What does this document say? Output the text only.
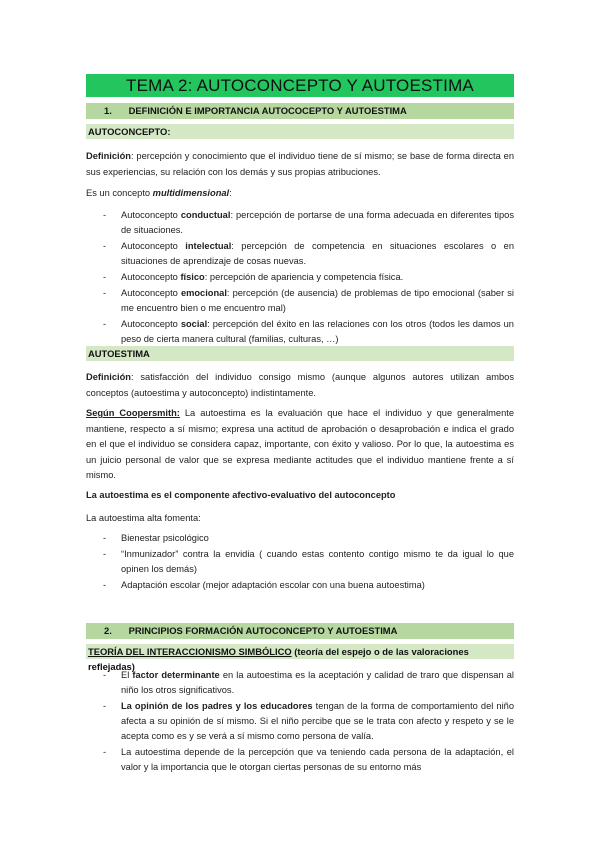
TEMA 2: AUTOCONCEPTO Y AUTOESTIMA
1. DEFINICIÓN E IMPORTANCIA AUTOCOCEPTO Y AUTOESTIMA
AUTOCONCEPTO:
Definición: percepción y conocimiento que el individuo tiene de sí mismo; se base de forma directa en sus experiencias, su relación con los demás y sus propias atribuciones.
Es un concepto multidimensional:
- Autoconcepto conductual: percepción de portarse de una forma adecuada en diferentes tipos de situaciones.
- Autoconcepto intelectual: percepción de competencia en situaciones escolares o en situaciones de aprendizaje de cosas nuevas.
- Autoconcepto físico: percepción de apariencia y competencia física.
- Autoconcepto emocional: percepción (de ausencia) de problemas de tipo emocional (saber si me encuentro bien o me encuentro mal)
- Autoconcepto social: percepción del éxito en las relaciones con los otros (todos les damos un peso de cierta manera cultural (familias, culturas, …)
AUTOESTIMA
Definición: satisfacción del individuo consigo mismo (aunque algunos autores utilizan ambos conceptos (autoestima y autoconcepto) indistintamente.
Según Coopersmith: La autoestima es la evaluación que hace el individuo y que generalmente mantiene, respecto a sí mismo; expresa una actitud de aprobación o desaprobación e indica el grado en el que el individuo se considera capaz, importante, con éxito y valioso. Por lo que, la autoestima es un juicio personal de valor que se expresa mediante actitudes que el individuo mantiene frente a sí mismo.
La autoestima es el componente afectivo-evaluativo del autoconcepto
La autoestima alta fomenta:
- Bienestar psicológico
- “Inmunizador” contra la envidia ( cuando estas contento contigo mismo te da igual lo que opinen los demás)
- Adaptación escolar (mejor adaptación escolar con una buena autoestima)
2. PRINCIPIOS FORMACIÓN AUTOCONCEPTO Y AUTOESTIMA
TEORÍA DEL INTERACCIONISMO SIMBÓLICO (teoría del espejo o de las valoraciones reflejadas)
- El factor determinante en la autoestima es la aceptación y calidad de traro que dispensan al niño los otros significativos.
- La opinión de los padres y los educadores tengan de la forma de comportamiento del niño afecta a su opinión de sí mismo. Si el niño percibe que se le trata con afecto y respeto y se le acepta como es y se verá a sí mismo como persona de valía.
- La autoestima depende de la percepción que va teniendo cada persona de la adaptación, el valor y la importancia que le otorgan ciertas personas de su entorno más
